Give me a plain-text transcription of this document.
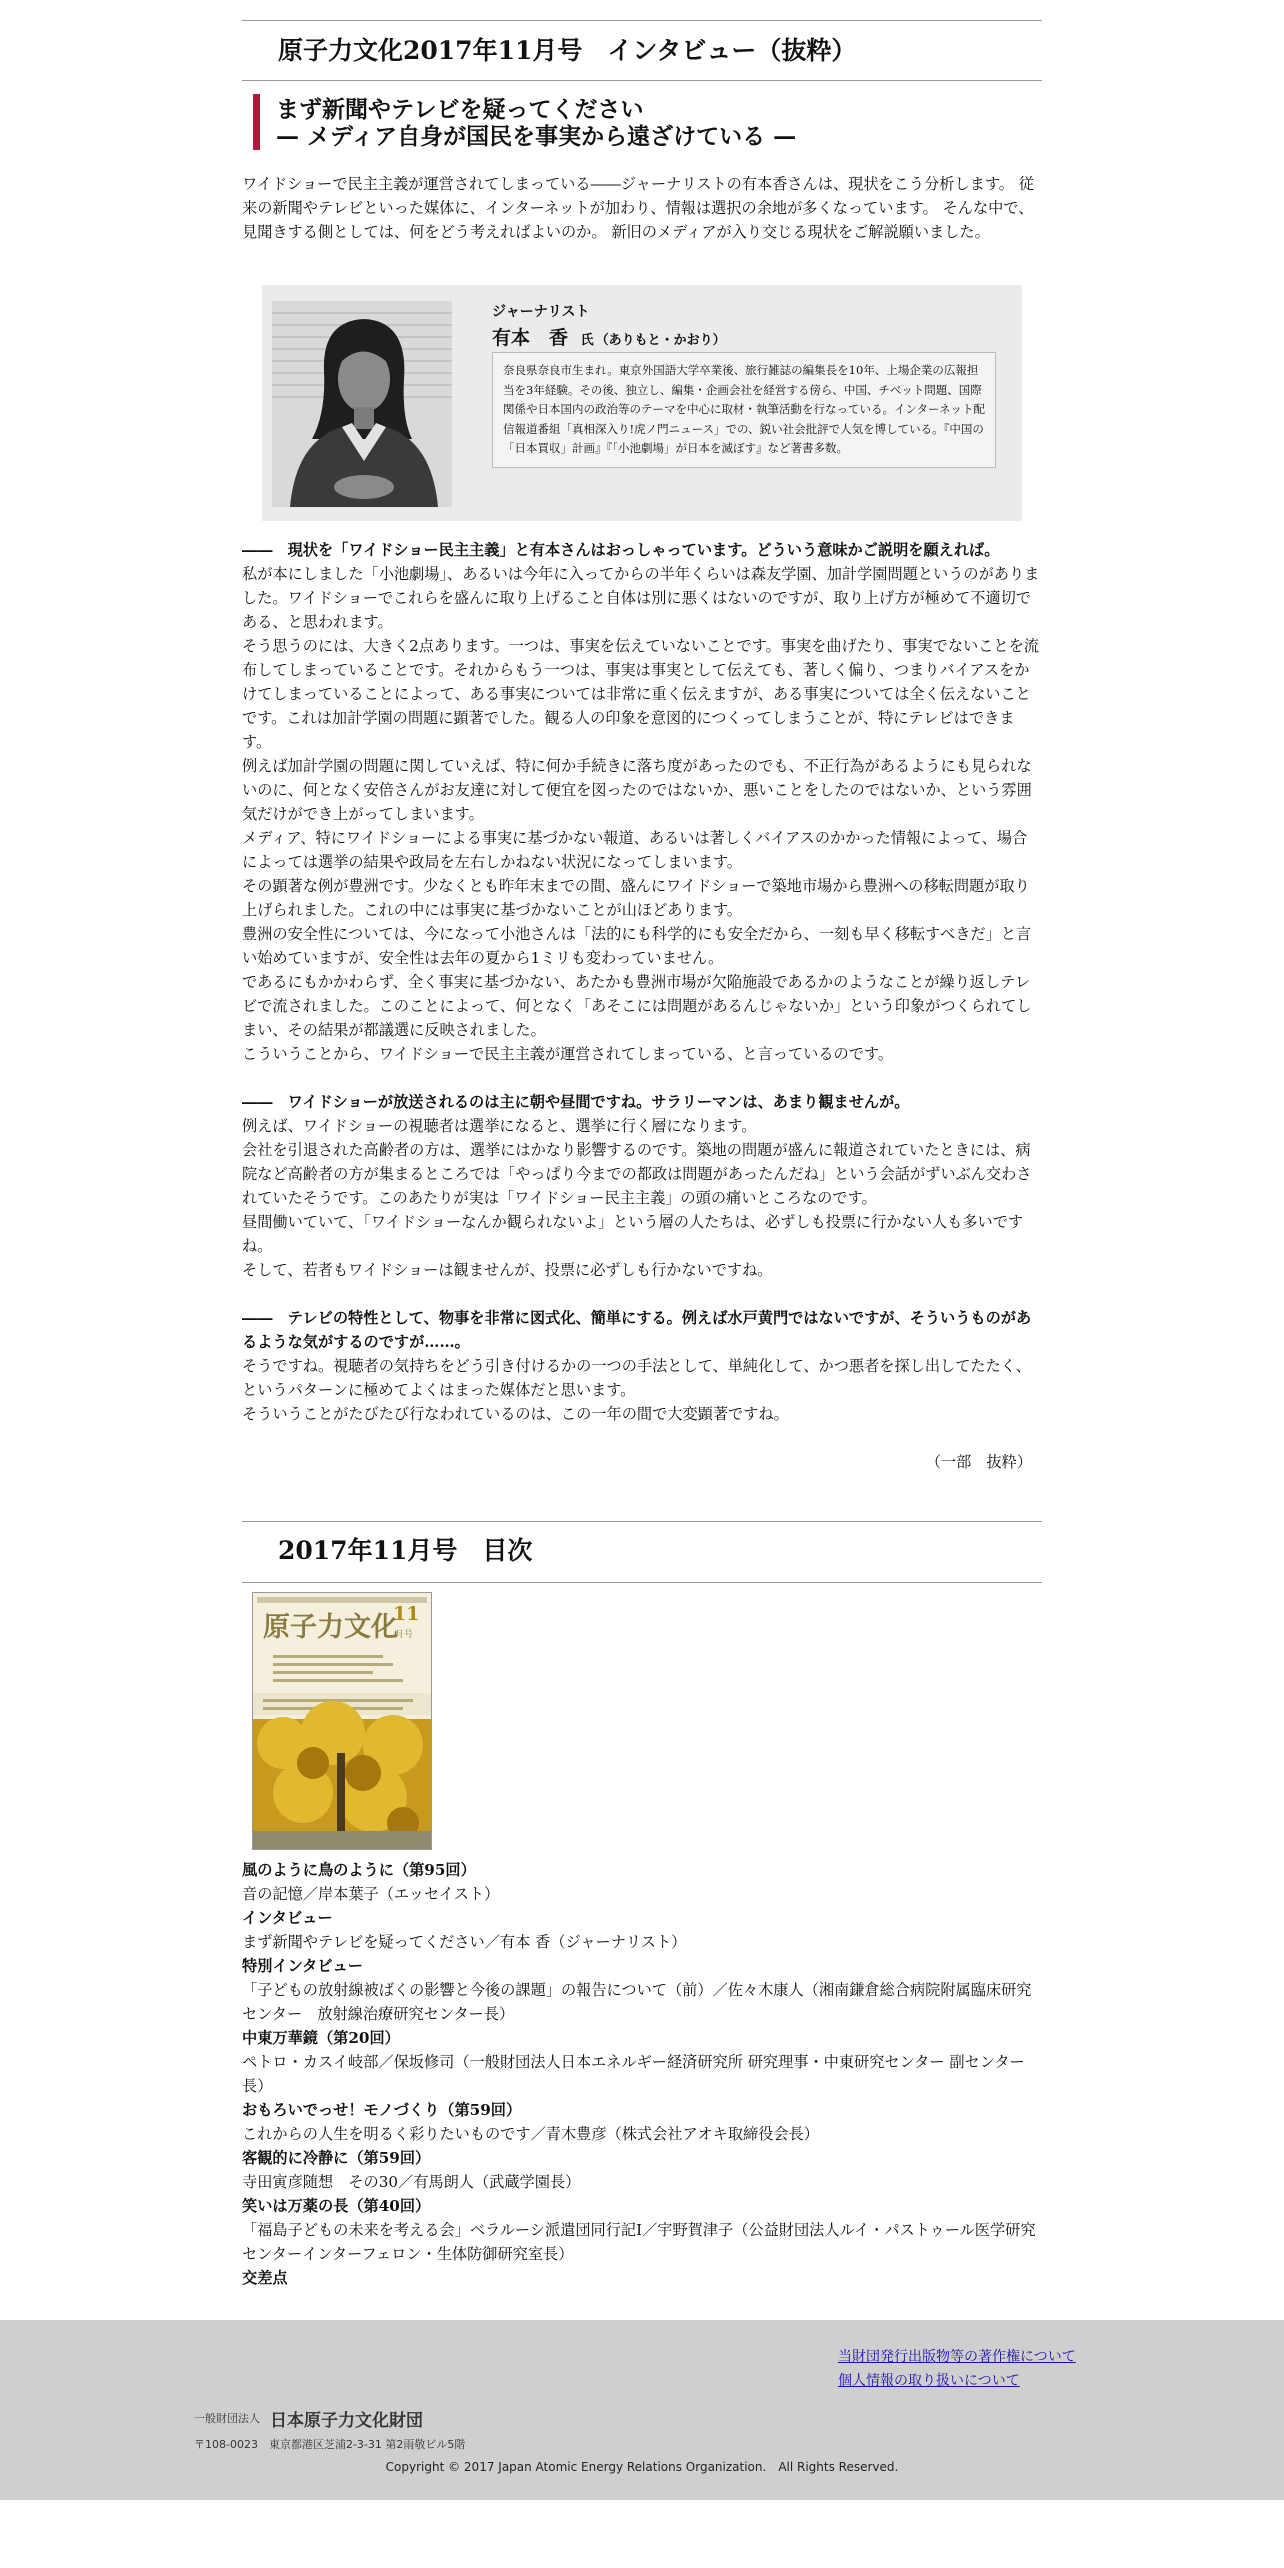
原子力文化2017年11月号　インタビュー（抜粋）
まず新聞やテレビを疑ってください
— メディア自身が国民を事実から遠ざけている —

ワイドショーで民主主義が運営されてしまっている――ジャーナリストの有本香さんは、現状をこう分析します。 従来の新聞やテレビといった媒体に、インターネットが加わり、情報は選択の余地が多くなっています。 そんな中で、見聞きする側としては、何をどう考えればよいのか。 新旧のメディアが入り交じる現状をご解説願いました。

ジャーナリスト
有本　香 氏 （ありもと・かおり）
奈良県奈良市生まれ。東京外国語大学卒業後、旅行雑誌の編集長を10年、上場企業の広報担当を3年経験。その後、独立し、編集・企画会社を経営する傍ら、中国、チベット問題、国際関係や日本国内の政治等のテーマを中心に取材・執筆活動を行なっている。インターネット配信報道番組「真相深入り!虎ノ門ニュース」での、鋭い社会批評で人気を博している。『中国の「日本買収」計画』『「小池劇場」が日本を滅ぼす』など著書多数。

――　現状を「ワイドショー民主主義」と有本さんはおっしゃっています。どういう意味かご説明を願えれば。

私が本にしました「小池劇場」、あるいは今年に入ってからの半年くらいは森友学園、加計学園問題というのがありました。ワイドショーでこれらを盛んに取り上げること自体は別に悪くはないのですが、取り上げ方が極めて不適切である、と思われます。

そう思うのには、大きく2点あります。一つは、事実を伝えていないことです。事実を曲げたり、事実でないことを流布してしまっていることです。それからもう一つは、事実は事実として伝えても、著しく偏り、つまりバイアスをかけてしまっていることによって、ある事実については非常に重く伝えますが、ある事実については全く伝えないことです。これは加計学園の問題に顕著でした。観る人の印象を意図的につくってしまうことが、特にテレビはできます。

例えば加計学園の問題に関していえば、特に何か手続きに落ち度があったのでも、不正行為があるようにも見られないのに、何となく安倍さんがお友達に対して便宜を図ったのではないか、悪いことをしたのではないか、という雰囲気だけができ上がってしまいます。

メディア、特にワイドショーによる事実に基づかない報道、あるいは著しくバイアスのかかった情報によって、場合によっては選挙の結果や政局を左右しかねない状況になってしまいます。

その顕著な例が豊洲です。少なくとも昨年末までの間、盛んにワイドショーで築地市場から豊洲への移転問題が取り上げられました。これの中には事実に基づかないことが山ほどあります。

豊洲の安全性については、今になって小池さんは「法的にも科学的にも安全だから、一刻も早く移転すべきだ」と言い始めていますが、安全性は去年の夏から1ミリも変わっていません。

であるにもかかわらず、全く事実に基づかない、あたかも豊洲市場が欠陥施設であるかのようなことが繰り返しテレビで流されました。このことによって、何となく「あそこには問題があるんじゃないか」という印象がつくられてしまい、その結果が都議選に反映されました。

こういうことから、ワイドショーで民主主義が運営されてしまっている、と言っているのです。

――　ワイドショーが放送されるのは主に朝や昼間ですね。サラリーマンは、あまり観ませんが。

例えば、ワイドショーの視聴者は選挙になると、選挙に行く層になります。

会社を引退された高齢者の方は、選挙にはかなり影響するのです。築地の問題が盛んに報道されていたときには、病院など高齢者の方が集まるところでは「やっぱり今までの都政は問題があったんだね」という会話がずいぶん交わされていたそうです。このあたりが実は「ワイドショー民主主義」の頭の痛いところなのです。

昼間働いていて、「ワイドショーなんか観られないよ」という層の人たちは、必ずしも投票に行かない人も多いですね。

そして、若者もワイドショーは観ませんが、投票に必ずしも行かないですね。

――　テレビの特性として、物事を非常に図式化、簡単にする。例えば水戸黄門ではないですが、そういうものがあるような気がするのですが……。

そうですね。視聴者の気持ちをどう引き付けるかの一つの手法として、単純化して、かつ悪者を探し出してたたく、というパターンに極めてよくはまった媒体だと思います。

そういうことがたびたび行なわれているのは、この一年の間で大変顕著ですね。

（一部　抜粋）

2017年11月号　目次
原子力文化
11
月号

風のように鳥のように（第95回）

音の記憶／岸本葉子（エッセイスト）

インタビュー

まず新聞やテレビを疑ってください／有本 香（ジャーナリスト）

特別インタビュー

「子どもの放射線被ばくの影響と今後の課題」の報告について（前）／佐々木康人（湘南鎌倉総合病院附属臨床研究センター　放射線治療研究センター長）

中東万華鏡（第20回）

ペトロ・カスイ岐部／保坂修司（一般財団法人日本エネルギー経済研究所 研究理事・中東研究センター 副センター長）

おもろいでっせ！モノづくり（第59回）

これからの人生を明るく彩りたいものです／青木豊彦（株式会社アオキ取締役会長）

客観的に冷静に（第59回）

寺田寅彦随想　その30／有馬朗人（武蔵学園長）

笑いは万薬の長（第40回）

「福島子どもの未来を考える会」ベラルーシ派遣団同行記Ⅰ／宇野賀津子（公益財団法人ルイ・パストゥール医学研究センターインターフェロン・生体防御研究室長）

交差点

当財団発行出版物等の著作権について
個人情報の取り扱いについて
一般財団法人 日本原子力文化財団
〒108-0023　東京都港区芝浦2-3-31 第2雨敬ビル5階
Copyright © 2017 Japan Atomic Energy Relations Organization.　All Rights Reserved.
